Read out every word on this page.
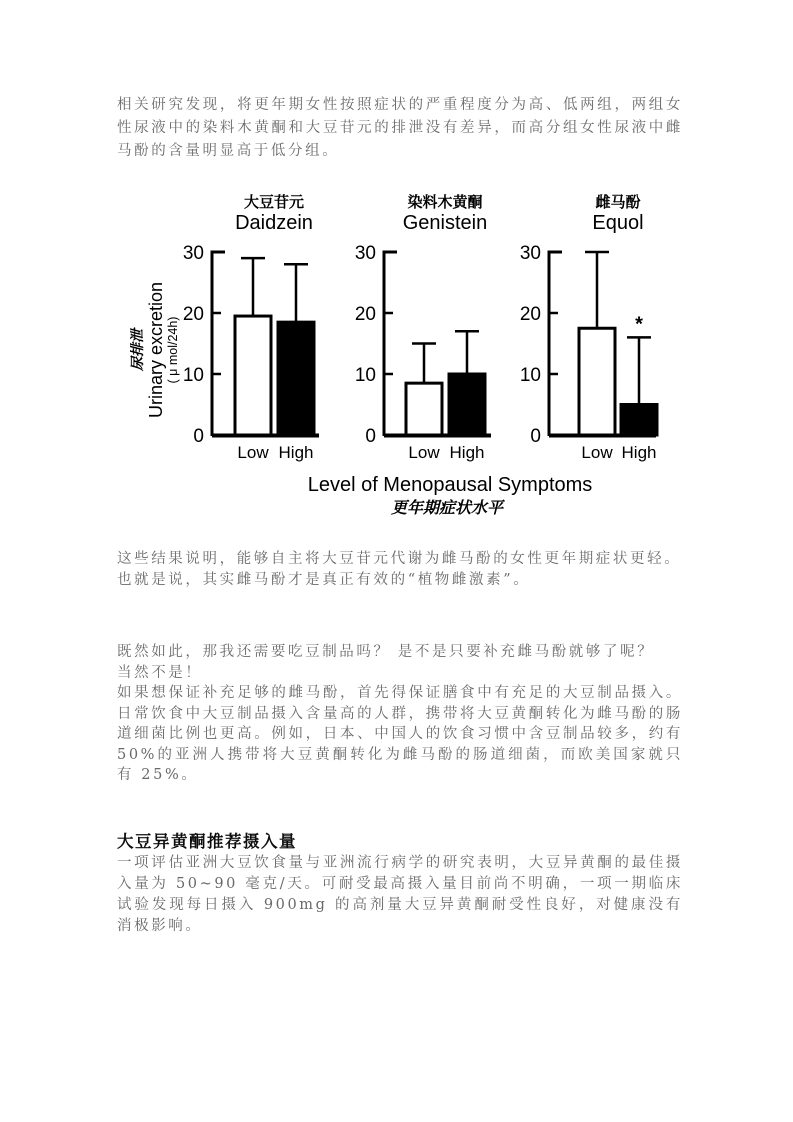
相关研究发现，将更年期女性按照症状的严重程度分为高、低两组，两组女性尿液中的染料木黄酮和大豆苷元的排泄没有差异，而高分组女性尿液中雌马酚的含量明显高于低分组。

大豆苷元
Daidzein
0
10
20
30
Low High
染料木黄酮
Genistein
0
10
20
30
Low High
雌马酚
Equol
0
10
20
30
Low High
*
尿排泄 Urinary excretion ( μ mol/24h)
Level of Menopausal Symptoms
更年期症状水平

这些结果说明，能够自主将大豆苷元代谢为雌马酚的女性更年期症状更轻。

也就是说，其实雌马酚才是真正有效的“植物雌激素”。

既然如此，那我还需要吃豆制品吗？ 是不是只要补充雌马酚就够了呢？

当然不是！

如果想保证补充足够的雌马酚，首先得保证膳食中有充足的大豆制品摄入。日常饮食中大豆制品摄入含量高的人群，携带将大豆黄酮转化为雌马酚的肠道细菌比例也更高。例如，日本、中国人的饮食习惯中含豆制品较多，约有 50%的亚洲人携带将大豆黄酮转化为雌马酚的肠道细菌，而欧美国家就只有 25%。

大豆异黄酮推荐摄入量

一项评估亚洲大豆饮食量与亚洲流行病学的研究表明，大豆异黄酮的最佳摄入量为 50~90 毫克/天。可耐受最高摄入量目前尚不明确，一项一期临床试验发现每日摄入 900mg 的高剂量大豆异黄酮耐受性良好，对健康没有消极影响。
